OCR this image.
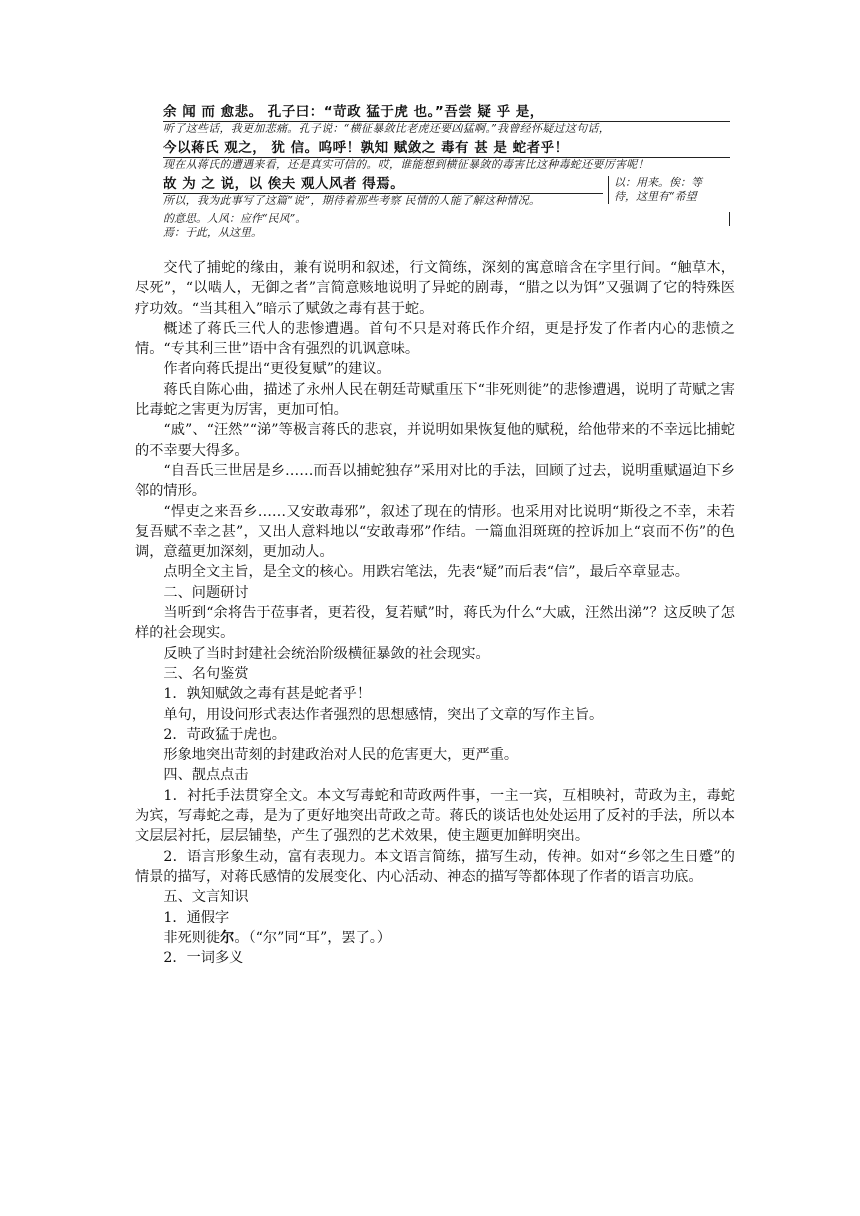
余 闻 而 愈悲。 孔子曰：“苛政 猛于虎 也。”吾尝 疑 乎 是，
听了这些话，我更加悲痛。孔子说：“横征暴敛比老虎还要凶猛啊。”我曾经怀疑过这句话，
今以蒋氏 观之， 犹 信。呜呼！孰知 赋敛之 毒有 甚 是 蛇者乎！
现在从蒋氏的遭遇来看，还是真实可信的。哎，谁能想到横征暴敛的毒害比这种毒蛇还要厉害呢！
故 为 之 说，以 俟夫 观人风者 得焉。
所以，我为此事写了这篇“说”，期待着那些考察 民情的人能了解这种情况。
以：用来。俟：等
待，这里有“希望
的意思。人风：应作“民风”。
焉：于此，从这里。

交代了捕蛇的缘由，兼有说明和叙述，行文简练，深刻的寓意暗含在字里行间。“触草木，尽死”，“以啮人，无御之者”言简意赅地说明了异蛇的剧毒，“腊之以为饵”又强调了它的特殊医疗功效。“当其租入”暗示了赋敛之毒有甚于蛇。

概述了蒋氏三代人的悲惨遭遇。首句不只是对蒋氏作介绍，更是抒发了作者内心的悲愤之情。“专其利三世”语中含有强烈的讥讽意味。

作者向蒋氏提出“更役复赋”的建议。

蒋氏自陈心曲，描述了永州人民在朝廷苛赋重压下“非死则徙”的悲惨遭遇，说明了苛赋之害比毒蛇之害更为厉害，更加可怕。

“戚”、“汪然”“涕”等极言蒋氏的悲哀，并说明如果恢复他的赋税，给他带来的不幸远比捕蛇的不幸要大得多。

“自吾氏三世居是乡……而吾以捕蛇独存”采用对比的手法，回顾了过去，说明重赋逼迫下乡邻的情形。

“悍吏之来吾乡……又安敢毒邪”，叙述了现在的情形。也采用对比说明“斯役之不幸，未若复吾赋不幸之甚”，又出人意料地以“安敢毒邪”作结。一篇血泪斑斑的控诉加上“哀而不伤”的色调，意蕴更加深刻，更加动人。

点明全文主旨，是全文的核心。用跌宕笔法，先表“疑”而后表“信”，最后卒章显志。

二、问题研讨

当听到“余将告于莅事者，更若役，复若赋”时，蒋氏为什么“大戚，汪然出涕”？这反映了怎样的社会现实。

反映了当时封建社会统治阶级横征暴敛的社会现实。

三、名句鉴赏

1．孰知赋敛之毒有甚是蛇者乎！

单句，用设问形式表达作者强烈的思想感情，突出了文章的写作主旨。

2．苛政猛于虎也。

形象地突出苛刻的封建政治对人民的危害更大，更严重。

四、靓点点击

1．衬托手法贯穿全文。本文写毒蛇和苛政两件事，一主一宾，互相映衬，苛政为主，毒蛇为宾，写毒蛇之毒，是为了更好地突出苛政之苛。蒋氏的谈话也处处运用了反衬的手法，所以本文层层衬托，层层铺垫，产生了强烈的艺术效果，使主题更加鲜明突出。

2．语言形象生动，富有表现力。本文语言简练，描写生动，传神。如对“乡邻之生日蹙”的情景的描写，对蒋氏感情的发展变化、内心活动、神态的描写等都体现了作者的语言功底。

五、文言知识

1．通假字

非死则徙尔。（“尔”同“耳”，罢了。）

2．一词多义
